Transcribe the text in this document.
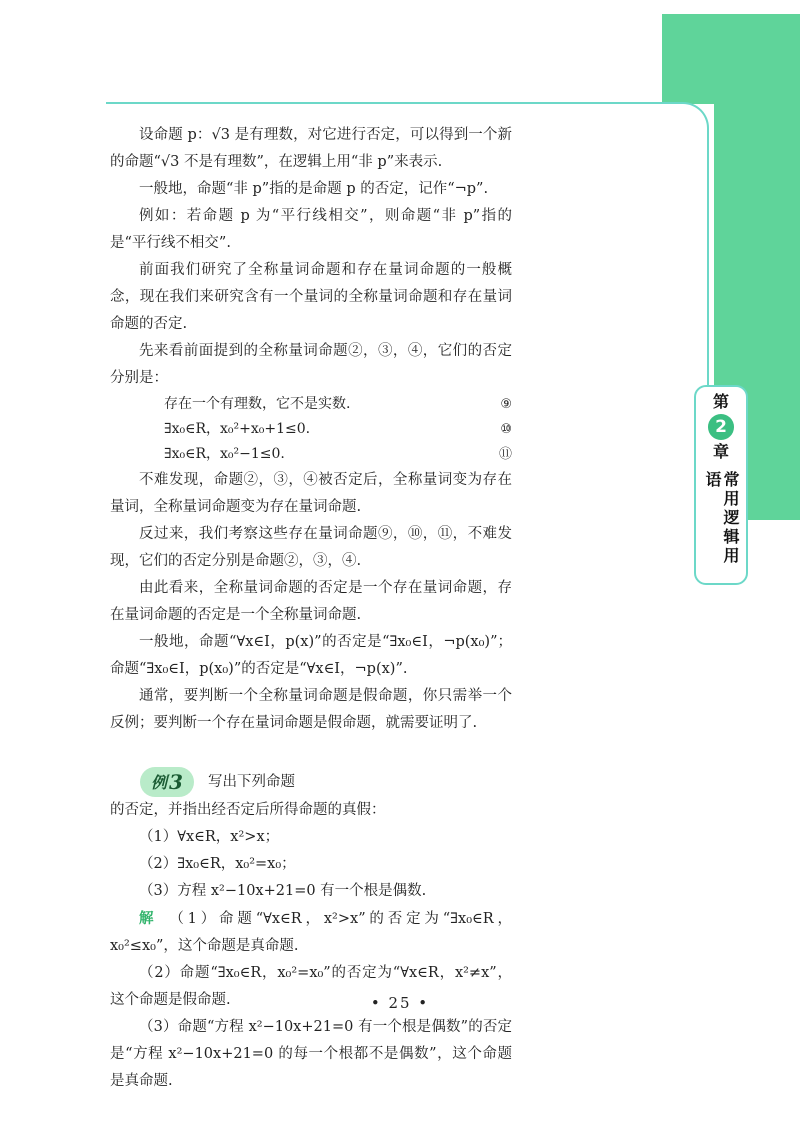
第
2
章
常用逻辑用语

设命题 p：√3 是有理数，对它进行否定，可以得到一个新的命题“√3 不是有理数”，在逻辑上用“非 p”来表示.

一般地，命题“非 p”指的是命题 p 的否定，记作“¬p”.

例如：若命题 p 为“平行线相交”，则命题“非 p”指的是“平行线不相交”.

前面我们研究了全称量词命题和存在量词命题的一般概念，现在我们来研究含有一个量词的全称量词命题和存在量词命题的否定.

先来看前面提到的全称量词命题②，③，④，它们的否定分别是：

存在一个有理数，它不是实数.	⑨
∃x₀∈R，x₀²+x₀+1≤0.	⑩
∃x₀∈R，x₀²−1≤0.	⑪

不难发现，命题②，③，④被否定后，全称量词变为存在量词，全称量词命题变为存在量词命题.

反过来，我们考察这些存在量词命题⑨，⑩，⑪，不难发现，它们的否定分别是命题②，③，④.

由此看来，全称量词命题的否定是一个存在量词命题，存在量词命题的否定是一个全称量词命题.

一般地，命题“∀x∈I，p(x)”的否定是“∃x₀∈I，¬p(x₀)”；命题“∃x₀∈I，p(x₀)”的否定是“∀x∈I，¬p(x)”.

通常，要判断一个全称量词命题是假命题，你只需举一个反例；要判断一个存在量词命题是假命题，就需要证明了.

例 3 写出下列命题

的否定，并指出经否定后所得命题的真假：

（1）∀x∈R，x²>x；

（2）∃x₀∈R，x₀²=x₀；

（3）方程 x²−10x+21=0 有一个根是偶数.

解 （1）命题“∀x∈R，x²>x”的否定为“∃x₀∈R，x₀²≤x₀”，这个命题是真命题.

（2）命题“∃x₀∈R，x₀²=x₀”的否定为“∀x∈R，x²≠x”，这个命题是假命题.

（3）命题“方程 x²−10x+21=0 有一个根是偶数”的否定是“方程 x²−10x+21=0 的每一个根都不是偶数”，这个命题是真命题.

• 25 •
